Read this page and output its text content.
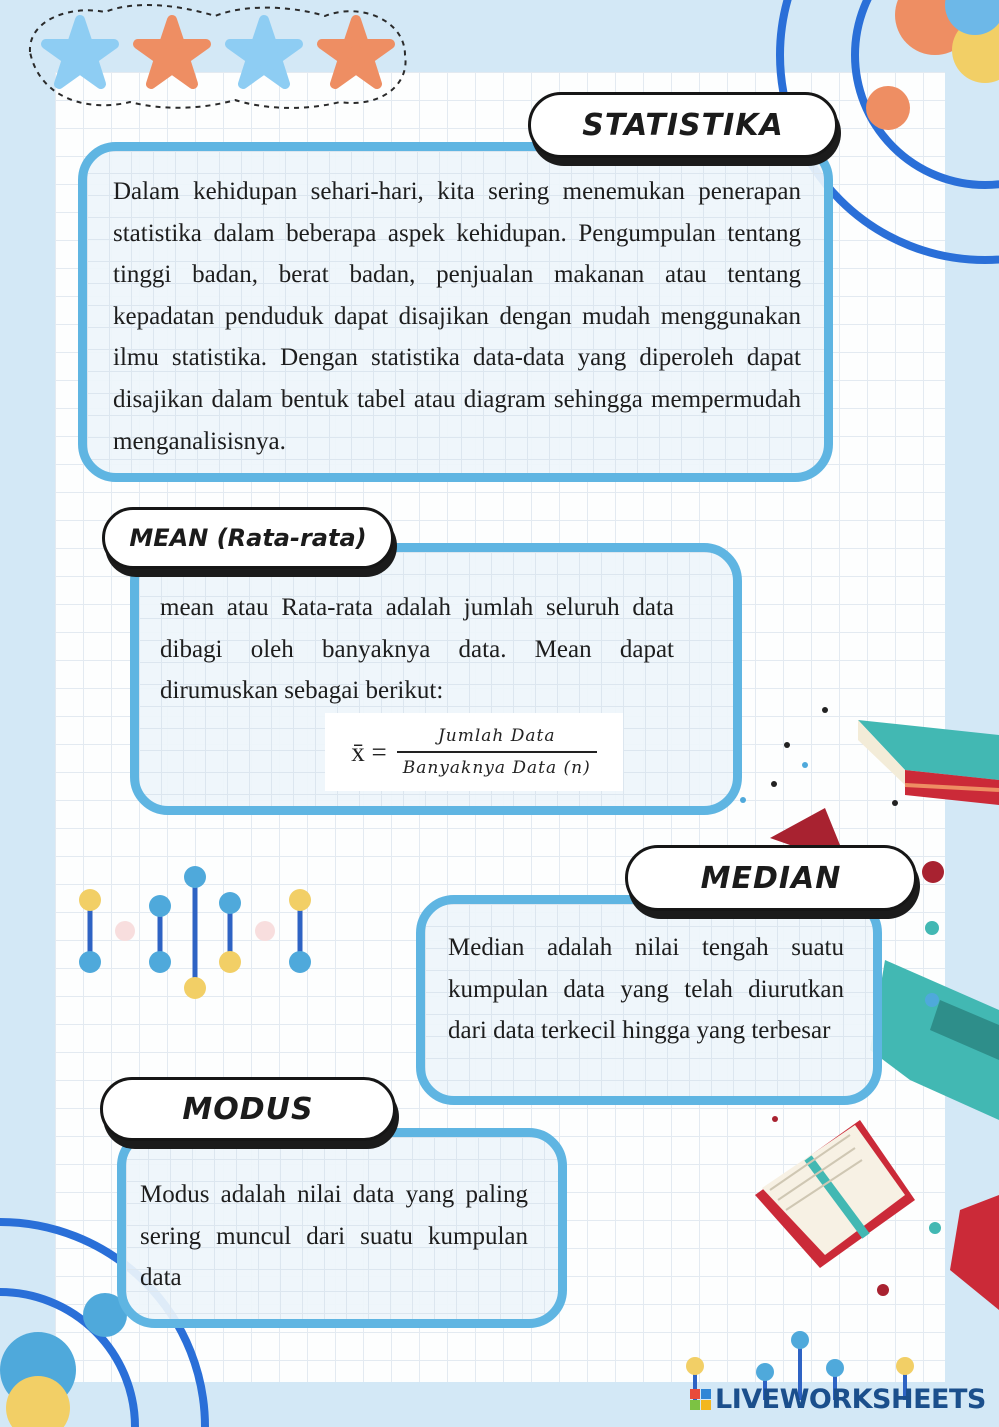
Dalam kehidupan sehari-hari, kita sering menemukan penerapan statistika dalam beberapa aspek kehidupan. Pengumpulan tentang tinggi badan, berat badan, penjualan makanan atau tentang kepadatan penduduk dapat disajikan dengan mudah menggunakan ilmu statistika. Dengan statistika data-data yang diperoleh dapat disajikan dalam bentuk tabel atau diagram sehingga mempermudah menganalisisnya.
STATISTIKA
mean atau Rata-rata adalah jumlah seluruh data dibagi oleh banyaknya data. Mean dapat dirumuskan sebagai berikut:
x̄ = $\frac{\text{Jumlah Data}}{\text{Banyaknya Data (n)}}$
MEAN (Rata-rata)
Median adalah nilai tengah suatu kumpulan data yang telah diurutkan dari data terkecil hingga yang terbesar
MEDIAN
Modus adalah nilai data yang paling sering muncul dari suatu kumpulan data
MODUS
LIVEWORKSHEETS
